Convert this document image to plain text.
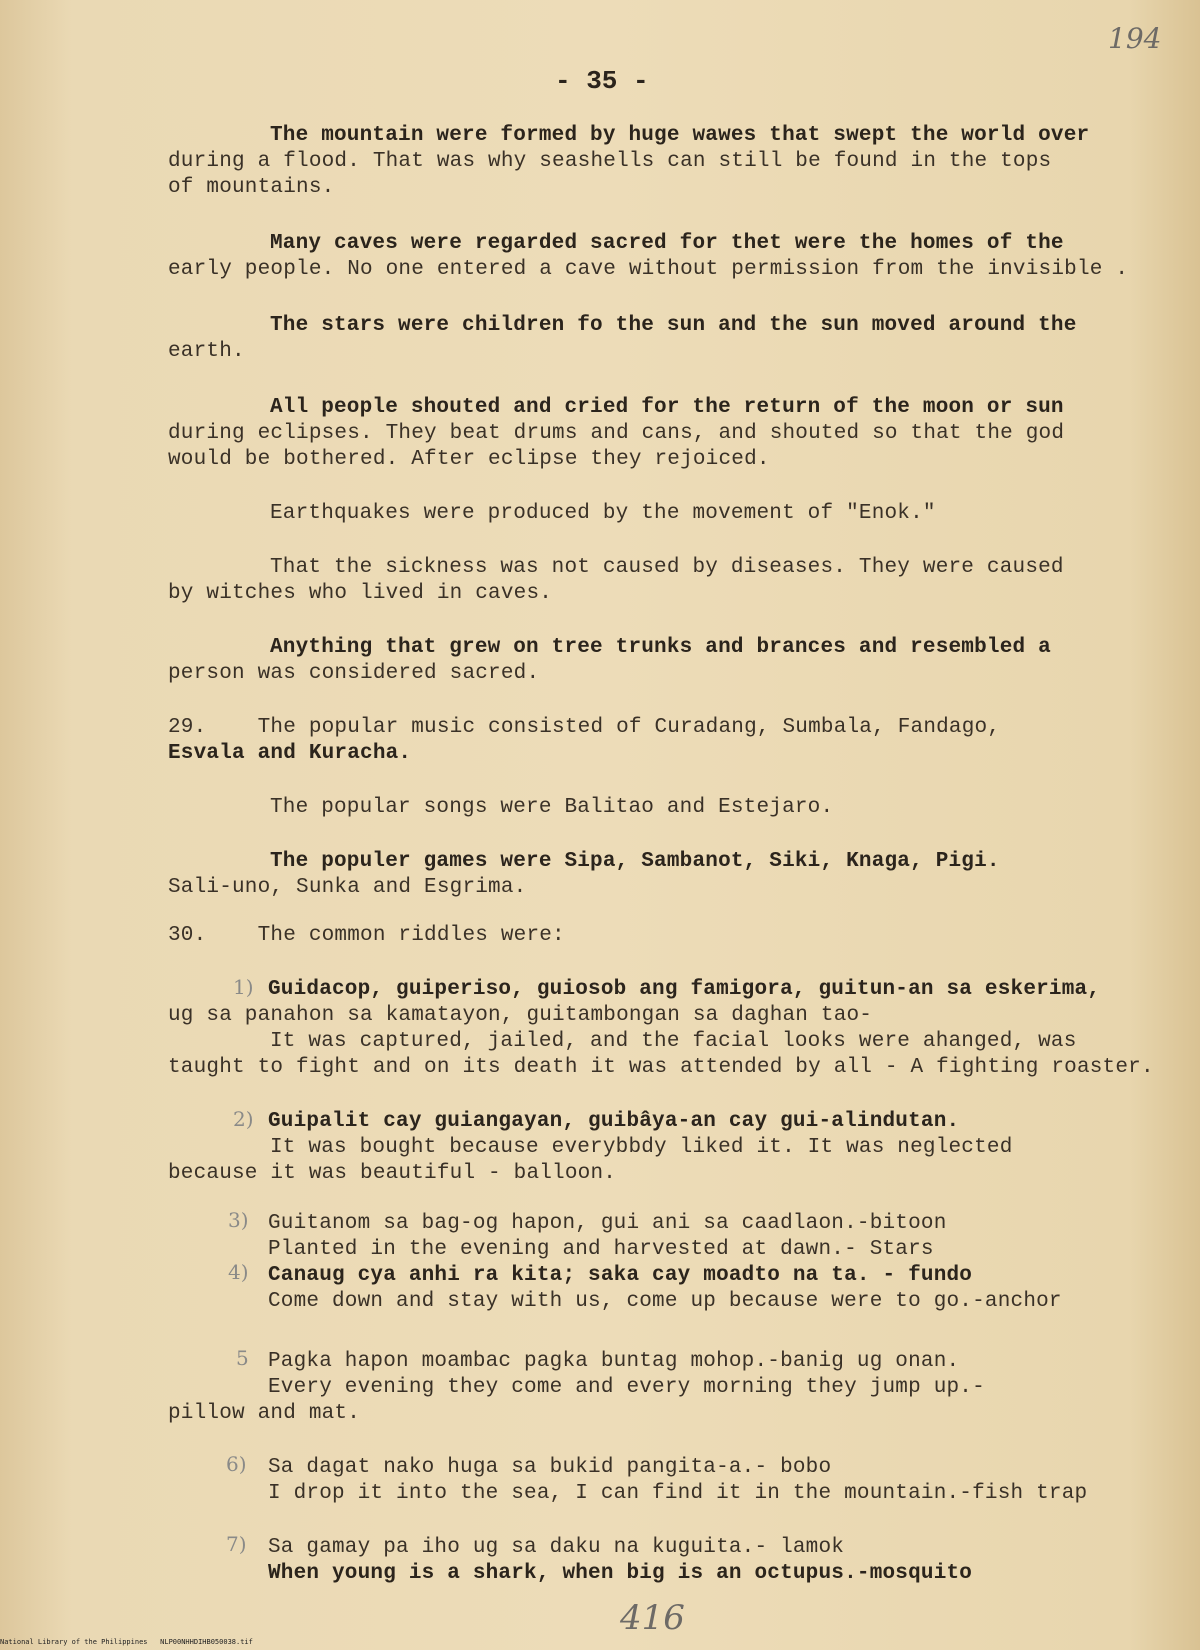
194
- 35 -
The mountain were formed by huge wawes that swept the world over
during a flood. That was why seashells can still be found in the tops
of mountains.
Many caves were regarded sacred for thet were the homes of the
early people. No one entered a cave without permission from the invisible .
The stars were children fo the sun and the sun moved around the
earth.
All people shouted and cried for the return of the moon or sun
during eclipses. They beat drums and cans, and shouted so that the god
would be bothered. After eclipse they rejoiced.
Earthquakes were produced by the movement of "Enok."
That the sickness was not caused by diseases. They were caused
by witches who lived in caves.
Anything that grew on tree trunks and brances and resembled a
person was considered sacred.
29.    The popular music consisted of Curadang, Sumbala, Fandago,
Esvala and Kuracha.
The popular songs were Balitao and Estejaro.
The populer games were Sipa, Sambanot, Siki, Knaga, Pigi.
Sali-uno, Sunka and Esgrima.
30.    The common riddles were:
1) Guidacop, guiperiso, guiosob ang famigora, guitun-an sa eskerima,
ug sa panahon sa kamatayon, guitambongan sa daghan tao-
It was captured, jailed, and the facial looks were ahanged, was
taught to fight and on its death it was attended by all - A fighting roaster.
2) Guipalit cay guiangayan, guibâya-an cay gui-alindutan.
It was bought because everybbdy liked it. It was neglected
because it was beautiful - balloon.
3) Guitanom sa bag-og hapon, gui ani sa caadlaon.-bitoon
Planted in the evening and harvested at dawn.- Stars
4) Canaug cya anhi ra kita; saka cay moadto na ta. - fundo
Come down and stay with us, come up because were to go.-anchor
5 Pagka hapon moambac pagka buntag mohop.-banig ug onan.
Every evening they come and every morning they jump up.-
pillow and mat.
6) Sa dagat nako huga sa bukid pangita-a.- bobo
I drop it into the sea, I can find it in the mountain.-fish trap
7) Sa gamay pa iho ug sa daku na kuguita.- lamok
When young is a shark, when big is an octupus.-mosquito
416
National Library of the Philippines   NLP00NHHDIHB050038.tif
